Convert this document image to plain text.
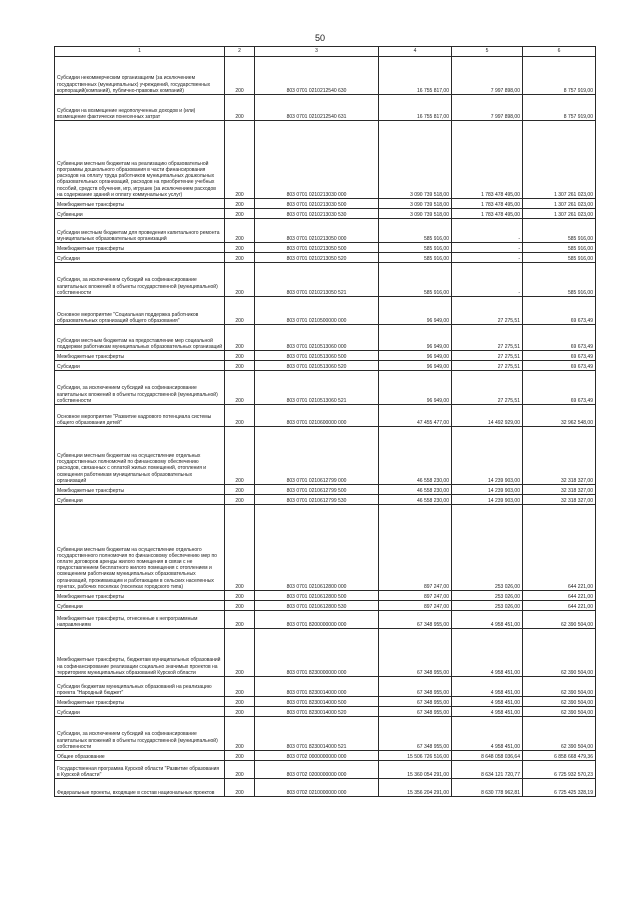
50
1	2	3	4	5	6
Субсидии некоммерческим организациям (за исключением государственных (муниципальных) учреждений, государственных корпораций(компаний), публично-правовых компаний)	200	803 0701 0210212540 630	16 755 817,00	7 997 898,00	8 757 919,00
Субсидии на возмещение недополученных доходов и (или) возмещение фактически понесенных затрат	200	803 0701 0210212540 631	16 755 817,00	7 997 898,00	8 757 919,00
Субвенции местным бюджетам на реализацию образовательной программы дошкольного образования в части финансирования расходов на оплату труда работников муниципальных дошкольных образовательных организаций, расходов на приобретение учебных пособий, средств обучения, игр, игрушек (за исключением расходов на содержание зданий и оплату коммунальных услуг)	200	803 0701 0210213030 000	3 090 739 518,00	1 783 478 495,00	1 307 261 023,00
Межбюджетные трансферты	200	803 0701 0210213030 500	3 090 739 518,00	1 783 478 495,00	1 307 261 023,00
Субвенции	200	803 0701 0210213030 530	3 090 739 518,00	1 783 478 495,00	1 307 261 023,00
Субсидии местным бюджетам для проведения капитального ремонта муниципальных образовательных организаций	200	803 0701 0210213050 000	585 916,00	-	585 916,00
Межбюджетные трансферты	200	803 0701 0210213050 500	585 916,00	-	585 916,00
Субсидии	200	803 0701 0210213050 520	585 916,00	-	585 916,00
Субсидии, за исключением субсидий на софинансирование капитальных вложений в объекты государственной (муниципальной) собственности	200	803 0701 0210213050 521	585 916,00	-	585 916,00
Основное мероприятие "Социальная поддержка работников образовательных организаций общего образования"	200	803 0701 0210500000 000	96 949,00	27 275,51	69 673,49
Субсидии местным бюджетам на предоставление мер социальной поддержки работникам муниципальных образовательных организаций	200	803 0701 0210513060 000	96 949,00	27 275,51	69 673,49
Межбюджетные трансферты	200	803 0701 0210513060 500	96 949,00	27 275,51	69 673,49
Субсидии	200	803 0701 0210513060 520	96 949,00	27 275,51	69 673,49
Субсидии, за исключением субсидий на софинансирование капитальных вложений в объекты государственной (муниципальной) собственности	200	803 0701 0210513060 521	96 949,00	27 275,51	69 673,49
Основное мероприятие "Развитие кадрового потенциала системы общего образования детей"	200	803 0701 0210600000 000	47 455 477,00	14 492 929,00	32 962 548,00
Субвенции местным бюджетам на осуществление отдельных государственных полномочий по финансовому обеспечению расходов, связанных с оплатой жилых помещений, отопления и освещения работникам муниципальных образовательных организаций	200	803 0701 0210612799 000	46 558 230,00	14 239 903,00	32 318 327,00
Межбюджетные трансферты	200	803 0701 0210612799 500	46 558 230,00	14 239 903,00	32 318 327,00
Субвенции	200	803 0701 0210612799 530	46 558 230,00	14 239 903,00	32 318 327,00
Субвенции местным бюджетам на осуществление отдельного государственного полномочия по финансовому обеспечению мер по оплате договоров аренды жилого помещения в связи с не предоставлением бесплатного жилого помещения с отоплением и освещением работникам муниципальных образовательных организаций, проживающим и работающим в сельских населенных пунктах, рабочих поселках (поселках городского типа)	200	803 0701 0210612800 000	897 247,00	253 026,00	644 221,00
Межбюджетные трансферты	200	803 0701 0210612800 500	897 247,00	253 026,00	644 221,00
Субвенции	200	803 0701 0210612800 530	897 247,00	253 026,00	644 221,00
Межбюджетные трансферты, отнесенные к непрограммным направлениям	200	803 0701 8200000000 000	67 348 955,00	4 958 451,00	62 390 504,00
Межбюджетные трансферты, бюджетам муниципальных образований на софинансирование реализации социально значимых проектов на территориях муниципальных образований Курской области	200	803 0701 8230000000 000	67 348 955,00	4 958 451,00	62 390 504,00
Субсидии бюджетам муниципальных образований на реализацию проекта "Народный бюджет"	200	803 0701 8230014000 000	67 348 955,00	4 958 451,00	62 390 504,00
Межбюджетные трансферты	200	803 0701 8230014000 500	67 348 955,00	4 958 451,00	62 390 504,00
Субсидии	200	803 0701 8230014000 520	67 348 955,00	4 958 451,00	62 390 504,00
Субсидии, за исключением субсидий на софинансирование капитальных вложений в объекты государственной (муниципальной) собственности	200	803 0701 8230014000 521	67 348 955,00	4 958 451,00	62 390 504,00
Общее образование	200	803 0702 0000000000 000	15 506 726 516,00	8 648 058 036,64	6 858 668 479,36
Государственная программа Курской области "Развитие образования в Курской области"	200	803 0702 0200000000 000	15 360 054 291,00	8 634 121 720,77	6 725 932 570,23
Федеральные проекты, входящие в состав национальных проектов	200	803 0702 0210000000 000	15 356 204 291,00	8 630 778 962,81	6 725 425 328,19
